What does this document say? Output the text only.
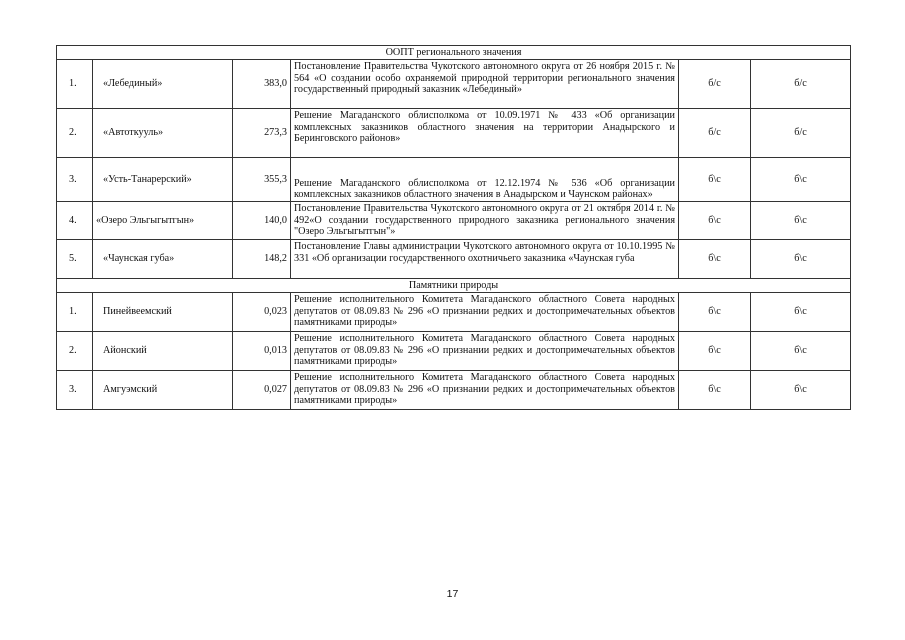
ООПТ регионального значения					
1.	«Лебединый»	383,0	Постановление Правительства Чукотского автономного округа от 26 ноября 2015 г. № 564 «О создании особо охраняемой природной территории регионального значения государственный природный заказник «Лебединый»	б/с	б/с
2.	«Автоткууль»	273,3	Решение Магаданского облисполкома от 10.09.1971 № 433 «Об организации комплексных заказников областного значения на территории Анадырского и Беринговского районов»	б/с	б/с
3.	«Усть-Танарерский»	355,3	Решение Магаданского облисполкома от 12.12.1974 № 536 «Об организации комплексных заказников областного значения в Анадырском и Чаунском районах»	б\с	б\с
4.	«Озеро Эльгыгытгын»	140,0	Постановление Правительства Чукотского автономного округа от 21 октября 2014 г. № 492«О создании государственного природного заказника регионального значения "Озеро Эльгыгытгын"»	б\с	б\с
5.	«Чаунская губа»	148,2	Постановление Главы администрации Чукотского автономного округа от 10.10.1995 № 331 «Об организации государственного охотничьего заказника «Чаунская губа	б\с	б\с
Памятники природы					
1.	Пинейвеемский	0,023	Решение исполнительного Комитета Магаданского областного Совета народных депутатов от 08.09.83 № 296 «О признании редких и достопримечательных объектов памятниками природы»	б\с	б\с
2.	Айонский	0,013	Решение исполнительного Комитета Магаданского областного Совета народных депутатов от 08.09.83 № 296 «О признании редких и достопримечательных объектов памятниками природы»	б\с	б\с
3.	Амгуэмский	0,027	Решение исполнительного Комитета Магаданского областного Совета народных депутатов от 08.09.83 № 296 «О признании редких и достопримечательных объектов памятниками природы»	б\с	б\с
17
